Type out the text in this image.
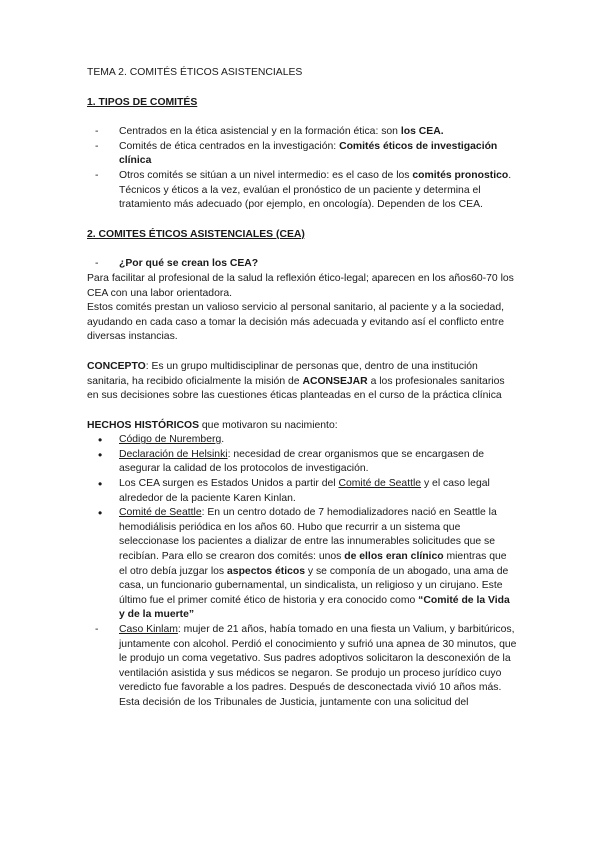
TEMA 2. COMITÉS ÉTICOS ASISTENCIALES

1. TIPOS DE COMITÉS

- Centrados en la ética asistencial y en la formación ética: son los CEA.
- Comités de ética centrados en la investigación: Comités éticos de investigación clínica
- Otros comités se sitúan a un nivel intermedio: es el caso de los comités pronostico. Técnicos y éticos a la vez, evalúan el pronóstico de un paciente y determina el tratamiento más adecuado (por ejemplo, en oncología). Dependen de los CEA.

2. COMITES ÉTICOS ASISTENCIALES (CEA)

- ¿Por qué se crean los CEA?

Para facilitar al profesional de la salud la reflexión ético-legal; aparecen en los años60-70 los CEA con una labor orientadora.

Estos comités prestan un valioso servicio al personal sanitario, al paciente y a la sociedad, ayudando en cada caso a tomar la decisión más adecuada y evitando así el conflicto entre diversas instancias.

CONCEPTO: Es un grupo multidisciplinar de personas que, dentro de una institución sanitaria, ha recibido oficialmente la misión de ACONSEJAR a los profesionales sanitarios en sus decisiones sobre las cuestiones éticas planteadas en el curso de la práctica clínica

HECHOS HISTÓRICOS que motivaron su nacimiento:

• Código de Nuremberg.
• Declaración de Helsinki: necesidad de crear organismos que se encargasen de asegurar la calidad de los protocolos de investigación.
• Los CEA surgen es Estados Unidos a partir del Comité de Seattle y el caso legal alrededor de la paciente Karen Kinlan.
• Comité de Seattle: En un centro dotado de 7 hemodializadores nació en Seattle la hemodiálisis periódica en los años 60. Hubo que recurrir a un sistema que seleccionase los pacientes a dializar de entre las innumerables solicitudes que se recibían. Para ello se crearon dos comités: unos de ellos eran clínico mientras que el otro debía juzgar los aspectos éticos y se componía de un abogado, una ama de casa, un funcionario gubernamental, un sindicalista, un religioso y un cirujano. Este último fue el primer comité ético de historia y era conocido como “Comité de la Vida y de la muerte”
- Caso Kinlam: mujer de 21 años, había tomado en una fiesta un Valium, y barbitúricos, juntamente con alcohol. Perdió el conocimiento y sufrió una apnea de 30 minutos, que le produjo un coma vegetativo. Sus padres adoptivos solicitaron la desconexión de la ventilación asistida y sus médicos se negaron. Se produjo un proceso jurídico cuyo veredicto fue favorable a los padres. Después de desconectada vivió 10 años más. Esta decisión de los Tribunales de Justicia, juntamente con una solicitud del
